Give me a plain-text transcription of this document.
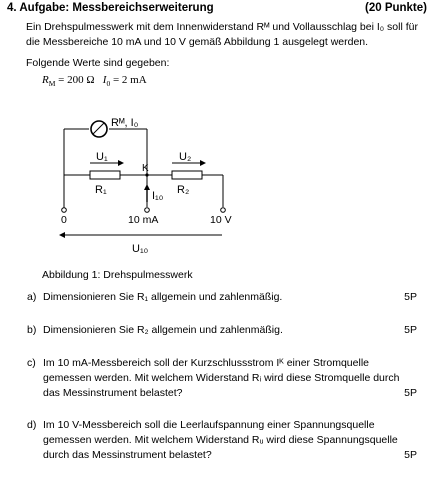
4. Aufgabe: Messbereichserweiterung	(20 Punkte)
Ein Drehspulmesswerk mit dem Innenwiderstand Rᴹ und Vollausschlag bei I₀ soll für die Messbereiche 10 mA und 10 V gemäß Abbildung 1 ausgelegt werden.
Folgende Werte sind gegeben:
$R_M = 200$ Ω $I_0 = 2$ mA
Rᴹ, I₀
U₁	U₂
R₁	R₂
K
I₁₀
0	10 mA	10 V
U₁₀
Abbildung 1: Drehspulmesswerk
a) Dimensionieren Sie R₁ allgemein und zahlenmäßig.	5P
b) Dimensionieren Sie R₂ allgemein und zahlenmäßig.	5P
c) Im 10 mA-Messbereich soll der Kurzschlussstrom Iᴷ einer Stromquelle gemessen werden. Mit welchem Widerstand Rᵢ wird diese Stromquelle durch das Messinstrument belastet?	5P
d) Im 10 V-Messbereich soll die Leerlaufspannung einer Spannungsquelle gemessen werden. Mit welchem Widerstand Rᵤ wird diese Spannungsquelle durch das Messinstrument belastet?	5P
